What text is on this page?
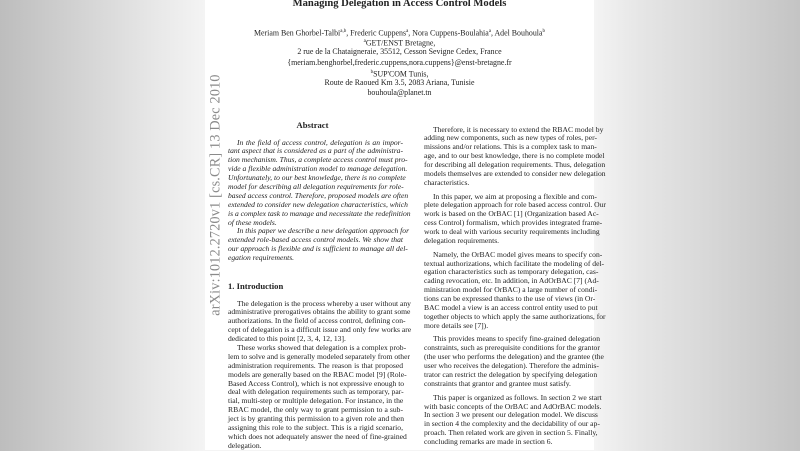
Managing Delegation in Access Control Models
Meriam Ben Ghorbel-Talbi$^{a,b}$, Frederic Cuppens$^a$, Nora Cuppens-Boulahia$^a$, Adel Bouhoula$^b$
$^a$GET/ENST Bretagne,
2 rue de la Chataigneraie, 35512, Cesson Sevigne Cedex, France
{meriam.benghorbel,frederic.cuppens,nora.cuppens}@enst-bretagne.fr
$^b$SUP'COM Tunis,
Route de Raoued Km 3.5, 2083 Ariana, Tunisie
bouhoula@planet.tn
Abstract
In the field of access control, delegation is an impor-
tant aspect that is considered as a part of the administra-
tion mechanism. Thus, a complete access control must pro-
vide a flexible administration model to manage delegation.
Unfortunately, to our best knowledge, there is no complete
model for describing all delegation requirements for role-
based access control. Therefore, proposed models are often
extended to consider new delegation characteristics, which
is a complex task to manage and necessitate the redefinition
of these models.
In this paper we describe a new delegation approach for
extended role-based access control models. We show that
our approach is flexible and is sufficient to manage all del-
egation requirements.
1. Introduction
The delegation is the process whereby a user without any
administrative prerogatives obtains the ability to grant some
authorizations. In the field of access control, defining con-
cept of delegation is a difficult issue and only few works are
dedicated to this point [2, 3, 4, 12, 13].
These works showed that delegation is a complex prob-
lem to solve and is generally modeled separately from other
administration requirements. The reason is that proposed
models are generally based on the RBAC model [9] (Role-
Based Access Control), which is not expressive enough to
deal with delegation requirements such as temporary, par-
tial, multi-step or multiple delegation. For instance, in the
RBAC model, the only way to grant permission to a sub-
ject is by granting this permission to a given role and then
assigning this role to the subject. This is a rigid scenario,
which does not adequately answer the need of fine-grained
delegation.
Therefore, it is necessary to extend the RBAC model by
adding new components, such as new types of roles, per-
missions and/or relations. This is a complex task to man-
age, and to our best knowledge, there is no complete model
for describing all delegation requirements. Thus, delegation
models themselves are extended to consider new delegation
characteristics.
In this paper, we aim at proposing a flexible and com-
plete delegation approach for role based access control. Our
work is based on the OrBAC [1] (Organization based Ac-
cess Control) formalism, which provides integrated frame-
work to deal with various security requirements including
delegation requirements.
Namely, the OrBAC model gives means to specify con-
textual authorizations, which facilitate the modeling of del-
egation characteristics such as temporary delegation, cas-
cading revocation, etc. In addition, in AdOrBAC [7] (Ad-
ministration model for OrBAC) a large number of condi-
tions can be expressed thanks to the use of views (in Or-
BAC model a view is an access control entity used to put
together objects to which apply the same authorizations, for
more details see [7]).
This provides means to specify fine-grained delegation
constraints, such as prerequisite conditions for the grantor
(the user who performs the delegation) and the grantee (the
user who receives the delegation). Therefore the adminis-
trator can restrict the delegation by specifying delegation
constraints that grantor and grantee must satisfy.
This paper is organized as follows. In section 2 we start
with basic concepts of the OrBAC and AdOrBAC models.
In section 3 we present our delegation model. We discuss
in section 4 the complexity and the decidability of our ap-
proach. Then related work are given in section 5. Finally,
concluding remarks are made in section 6.
arXiv:1012.2720v1 [cs.CR] 13 Dec 2010
